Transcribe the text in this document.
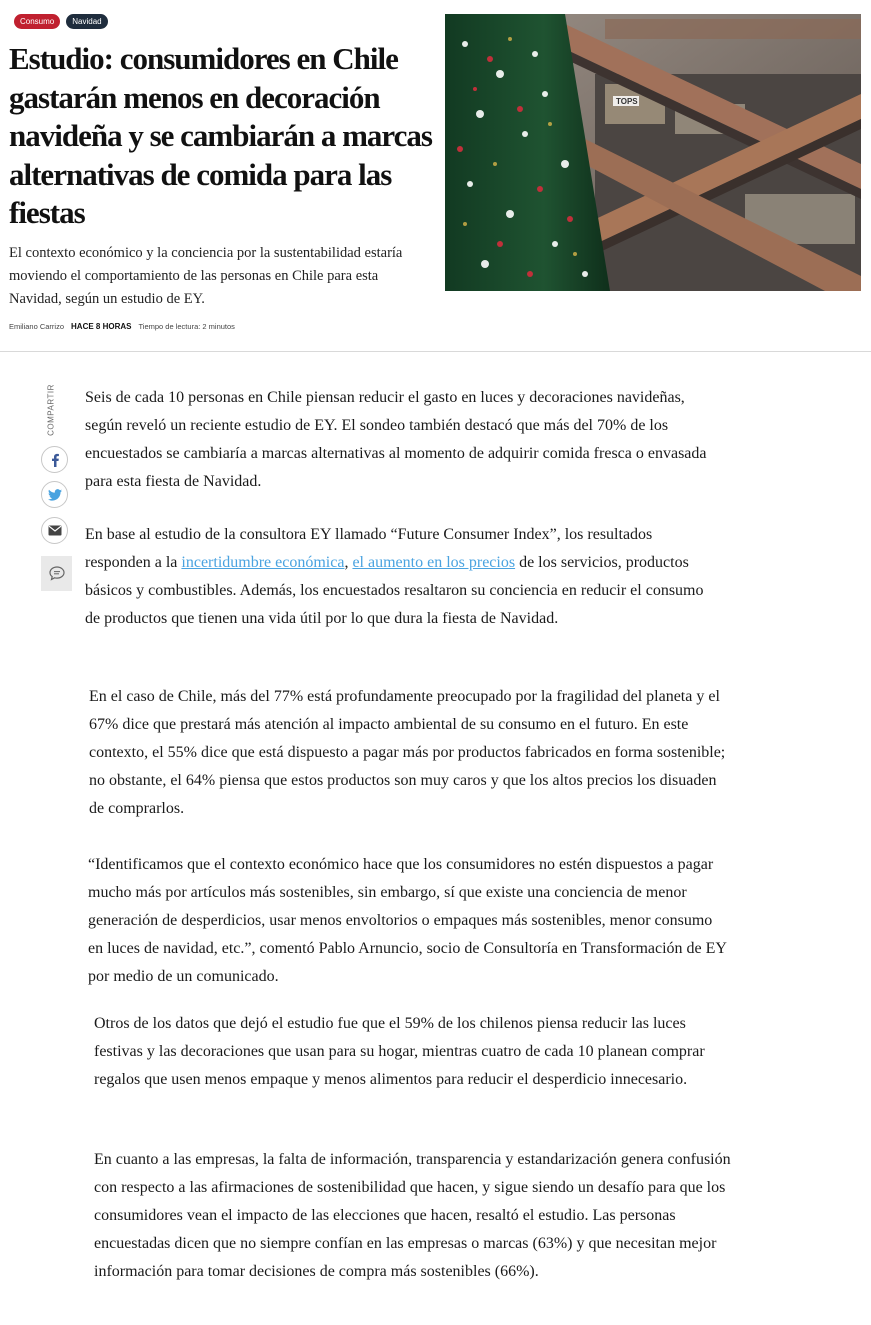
Consumo	Navidad
Estudio: consumidores en Chile gastarán menos en decoración navideña y se cambiarán a marcas alternativas de comida para las fiestas

El contexto económico y la conciencia por la sustentabilidad estaría moviendo el comportamiento de las personas en Chile para esta Navidad, según un estudio de EY.

Emiliano Carrizo HACE 8 HORAS Tiempo de lectura: 2 minutos
TOPS
COMPARTIR Seis de cada 10 personas en Chile piensan reducir el gasto en luces y decoraciones navideñas, según reveló un reciente estudio de EY. El sondeo también destacó que más del 70% de los encuestados se cambiaría a marcas alternativas al momento de adquirir comida fresca o envasada para esta fiesta de Navidad.

En base al estudio de la consultora EY llamado “Future Consumer Index”, los resultados responden a la incertidumbre económica, el aumento en los precios de los servicios, productos básicos y combustibles. Además, los encuestados resaltaron su conciencia en reducir el consumo de productos que tienen una vida útil por lo que dura la fiesta de Navidad.

En el caso de Chile, más del 77% está profundamente preocupado por la fragilidad del planeta y el 67% dice que prestará más atención al impacto ambiental de su consumo en el futuro. En este contexto, el 55% dice que está dispuesto a pagar más por productos fabricados en forma sostenible; no obstante, el 64% piensa que estos productos son muy caros y que los altos precios los disuaden de comprarlos.

“Identificamos que el contexto económico hace que los consumidores no estén dispuestos a pagar mucho más por artículos más sostenibles, sin embargo, sí que existe una conciencia de menor generación de desperdicios, usar menos envoltorios o empaques más sostenibles, menor consumo en luces de navidad, etc.”, comentó Pablo Arnuncio, socio de Consultoría en Transformación de EY por medio de un comunicado.

Otros de los datos que dejó el estudio fue que el 59% de los chilenos piensa reducir las luces festivas y las decoraciones que usan para su hogar, mientras cuatro de cada 10 planean comprar regalos que usen menos empaque y menos alimentos para reducir el desperdicio innecesario.

En cuanto a las empresas, la falta de información, transparencia y estandarización genera confusión con respecto a las afirmaciones de sostenibilidad que hacen, y sigue siendo un desafío para que los consumidores vean el impacto de las elecciones que hacen, resaltó el estudio. Las personas encuestadas dicen que no siempre confían en las empresas o marcas (63%) y que necesitan mejor información para tomar decisiones de compra más sostenibles (66%).
